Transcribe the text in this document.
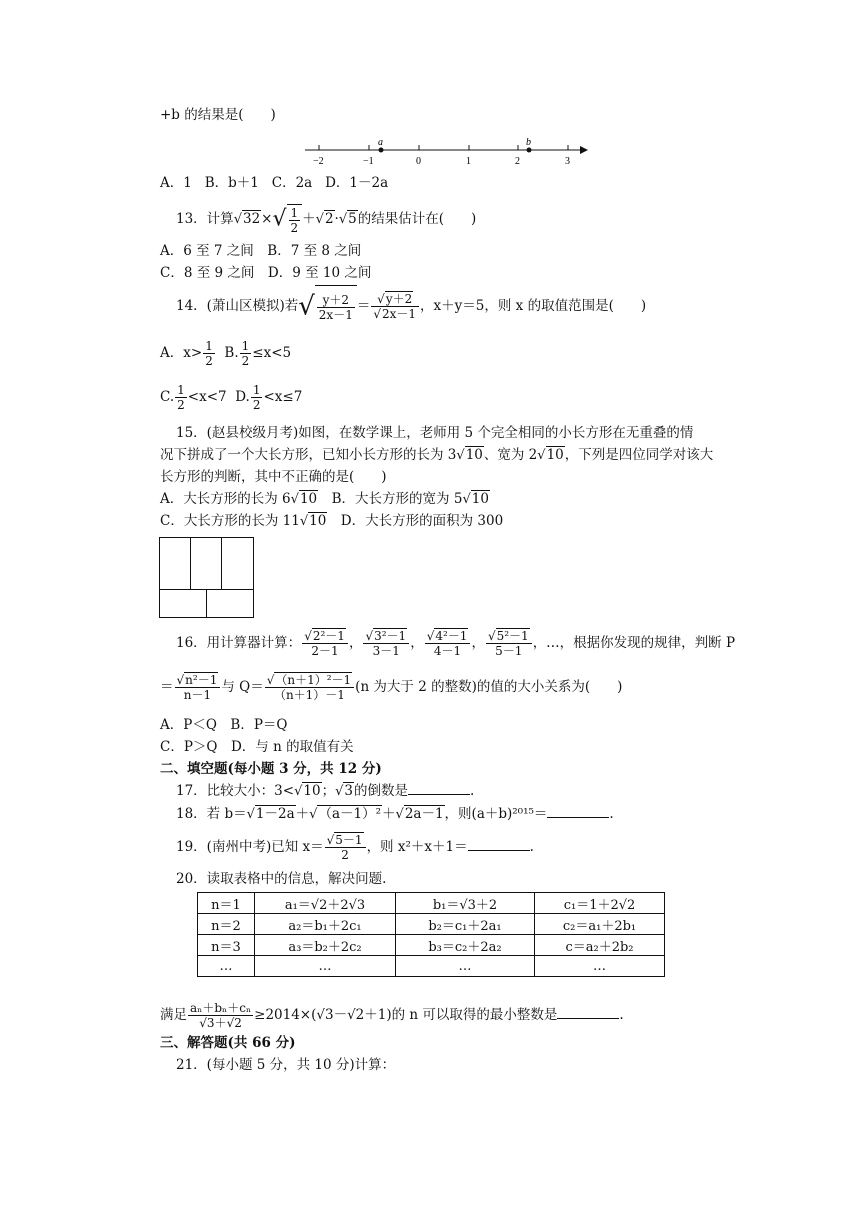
+b 的结果是(　　)
a	b
−2	−1	0	1	2	3
A．1 B．b＋1 C．2a D．1－2a
13．计算$√32\times√ \frac{1}{2} +√2\cdot√5$的结果估计在(　　)
A．6 至 7 之间　B．7 至 8 之间
C．8 至 9 之间　D．9 至 10 之间
14．(萧山区模拟)若√ $\frac{y+2}{2x-1} = \frac{√y+2}{√2x-1}$ ，x＋y＝5，则 x 的取值范围是(　　)
A．$x> \frac{1}{2} B$. $\frac{1}{2} \le x<5$
C. $\frac{1}{2} <x<7$ D. $\frac{1}{2} <x\le 7$
15．(赵县校级月考)如图，在数学课上，老师用 5 个完全相同的小长方形在无重叠的情
况下拼成了一个大长方形，已知小长方形的长为 3√10、宽为 2√10，下列是四位同学对该大
长方形的判断，其中不正确的是(　　)
A．大长方形的长为 6√10　B．大长方形的宽为 5√10
C．大长方形的长为 11√10　D．大长方形的面积为 300
16．用计算器计算： $\frac{\text{√2²－1}}{2-1}$ ， $\frac{\text{√3²－1}}{3-1}$ ， $\frac{\text{√4²－1}}{4-1}$ ， $\frac{\text{√5²－1}}{5-1}$ ，…，根据你发现的规律，判断 P
＝ $\frac{\text{√n²－1}}{n-1}$ 与 $Q= \frac{\text{√（n＋1）²－1}}{(n+1)-1} (n$ 为大于 2 的整数)的值的大小关系为(　　)
A．P＜Q　B．P＝Q
C．P＞Q　D．与 n 的取值有关
二、填空题(每小题 3 分，共 12 分)
17．比较大小：3<√10；√3的倒数是	.
18．若 b＝√1－2a＋√（a－1）²＋√2a－1，则(a＋b)²⁰¹⁵＝	.
19．(南州中考)已知 $x= \frac{√5-1}{2}$ ，则 x²＋x＋1＝	.
20．读取表格中的信息，解决问题.
n＝1	a₁＝√2＋2√3	b₁＝√3＋2	c₁＝1＋2√2
n＝2	a₂＝b₁＋2c₁	b₂＝c₁＋2a₁	c₂＝a₁＋2b₁
n＝3	a₃＝b₂＋2c₂	b₃＝c₂＋2a₂	c＝a₂＋2b₂
…	…	…	…
满足 $\frac{\text{aₙ＋bₙ＋cₙ}}{√3+√2} \ge 2014\times(√3-√2+1)$的 n 可以取得的最小整数是	.
三、解答题(共 66 分)
21．(每小题 5 分，共 10 分)计算：
